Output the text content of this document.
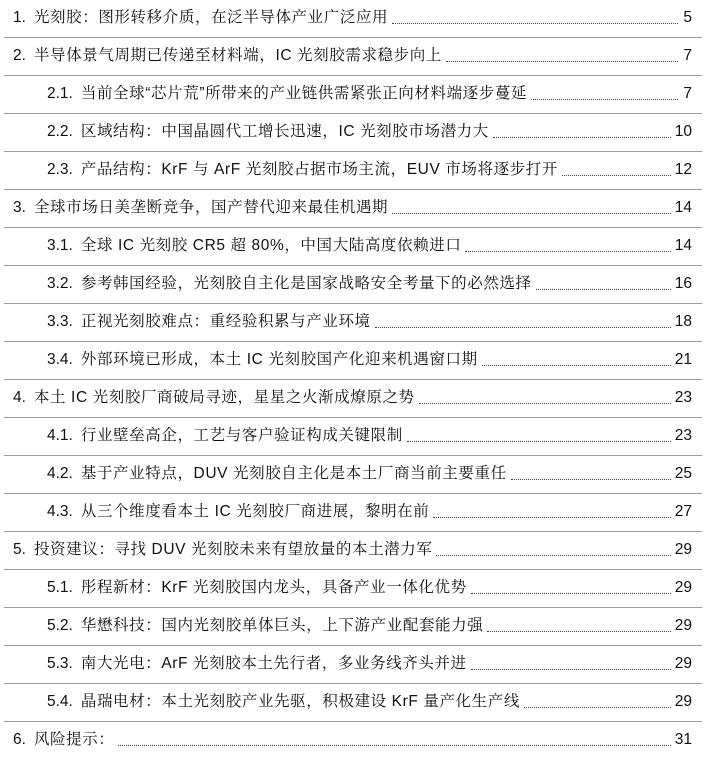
1. 光刻胶：图形转移介质，在泛半导体产业广泛应用	5
2. 半导体景气周期已传递至材料端，IC 光刻胶需求稳步向上	7
2.1. 当前全球“芯片荒”所带来的产业链供需紧张正向材料端逐步蔓延	7
2.2. 区域结构：中国晶圆代工增长迅速，IC 光刻胶市场潜力大	10
2.3. 产品结构：KrF 与 ArF 光刻胶占据市场主流，EUV 市场将逐步打开	12
3. 全球市场日美垄断竞争，国产替代迎来最佳机遇期	14
3.1. 全球 IC 光刻胶 CR5 超 80%，中国大陆高度依赖进口	14
3.2. 参考韩国经验，光刻胶自主化是国家战略安全考量下的必然选择	16
3.3. 正视光刻胶难点：重经验积累与产业环境	18
3.4. 外部环境已形成，本土 IC 光刻胶国产化迎来机遇窗口期	21
4. 本土 IC 光刻胶厂商破局寻迹，星星之火渐成燎原之势	23
4.1. 行业壁垒高企，工艺与客户验证构成关键限制	23
4.2. 基于产业特点，DUV 光刻胶自主化是本土厂商当前主要重任	25
4.3. 从三个维度看本土 IC 光刻胶厂商进展，黎明在前	27
5. 投资建议：寻找 DUV 光刻胶未来有望放量的本土潜力军	29
5.1. 彤程新材：KrF 光刻胶国内龙头，具备产业一体化优势	29
5.2. 华懋科技：国内光刻胶单体巨头，上下游产业配套能力强	29
5.3. 南大光电：ArF 光刻胶本土先行者，多业务线齐头并进	29
5.4. 晶瑞电材：本土光刻胶产业先驱，积极建设 KrF 量产化生产线	29
6. 风险提示：	31
